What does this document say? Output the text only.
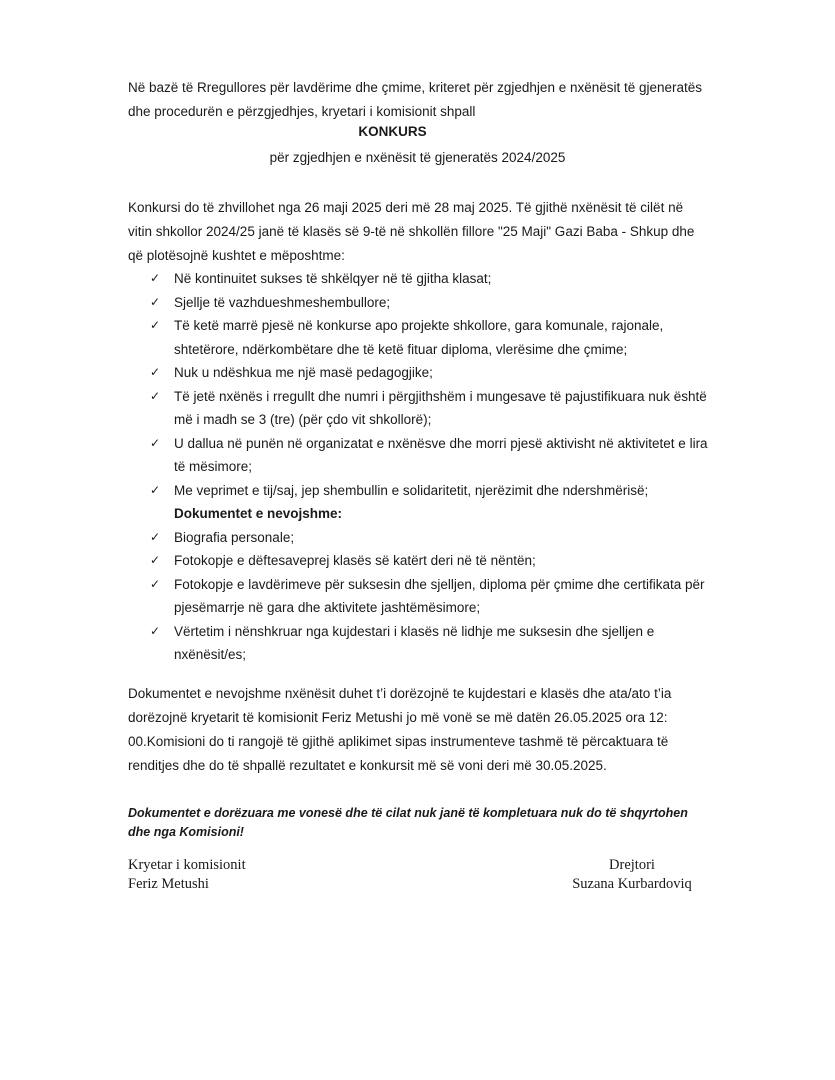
Në bazë të Rregullores për lavdërime dhe çmime, kriteret për zgjedhjen e nxënësit të gjeneratës dhe procedurën e përzgjedhjes, kryetari i komisionit shpall
KONKURS
për zgjedhjen e nxënësit të gjeneratës 2024/2025
Konkursi do të zhvillohet nga 26 maji 2025 deri më 28 maj 2025. Të gjithë nxënësit të cilët në vitin shkollor 2024/25 janë të klasës së 9-të në shkollën fillore "25 Maji" Gazi Baba - Shkup dhe që plotësojnë kushtet e mëposhtme:
✓ Në kontinuitet sukses të shkëlqyer në të gjitha klasat;
✓ Sjellje të vazhdueshmeshembullore;
✓ Të ketë marrë pjesë në konkurse apo projekte shkollore, gara komunale, rajonale, shtetërore, ndërkombëtare dhe të ketë fituar diploma, vlerësime dhe çmime;
✓ Nuk u ndëshkua me një masë pedagogjike;
✓ Të jetë nxënës i rregullt dhe numri i përgjithshëm i mungesave të pajustifikuara nuk është më i madh se 3 (tre) (për çdo vit shkollorë);
✓ U dallua në punën në organizatat e nxënësve dhe morri pjesë aktivisht në aktivitetet e lira të mësimore;
✓ Me veprimet e tij/saj, jep shembullin e solidaritetit, njerëzimit dhe ndershmërisë;
Dokumentet e nevojshme:
✓ Biografia personale;
✓ Fotokopje e dëftesaveprej klasës së katërt deri në të nëntën;
✓ Fotokopje e lavdërimeve për suksesin dhe sjelljen, diploma për çmime dhe certifikata për pjesëmarrje në gara dhe aktivitete jashtëmësimore;
✓ Vërtetim i nënshkruar nga kujdestari i klasës në lidhje me suksesin dhe sjelljen e nxënësit/es;
Dokumentet e nevojshme nxënësit duhet t’i dorëzojnë te kujdestari e klasës dhe ata/ato t’ia dorëzojnë kryetarit të komisionit Feriz Metushi jo më vonë se më datën 26.05.2025 ora 12: 00.Komisioni do ti rangojë të gjithë aplikimet sipas instrumenteve tashmë të përcaktuara të renditjes dhe do të shpallë rezultatet e konkursit më së voni deri më 30.05.2025.
Dokumentet e dorëzuara me vonesë dhe të cilat nuk janë të kompletuara nuk do të shqyrtohen dhe nga Komisioni!
Kryetar i komisionit
Feriz Metushi
Drejtori
Suzana Kurbardoviq
